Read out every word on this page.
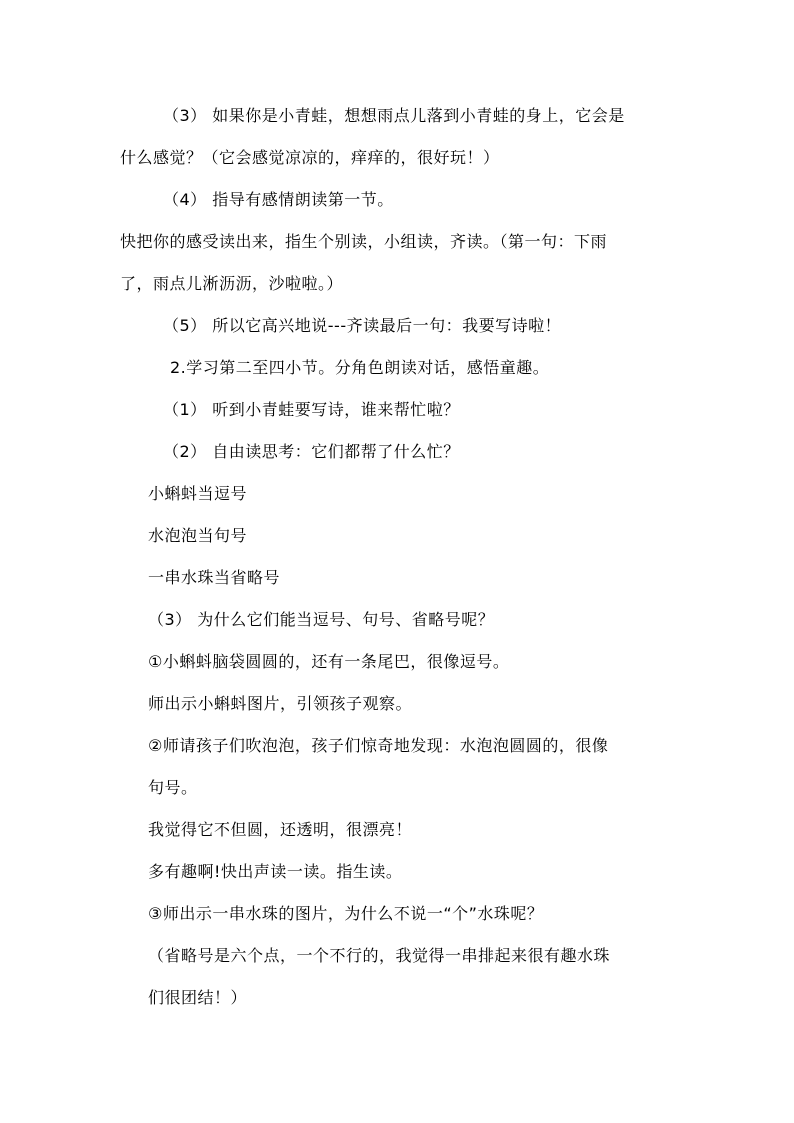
（3） 如果你是小青蛙，想想雨点儿落到小青蛙的身上，它会是
什么感觉？（它会感觉凉凉的，痒痒的，很好玩！）
（4） 指导有感情朗读第一节。
快把你的感受读出来，指生个别读，小组读，齐读。（第一句：下雨
了，雨点儿淅沥沥，沙啦啦。）
（5） 所以它高兴地说---齐读最后一句：我要写诗啦！
2.学习第二至四小节。分角色朗读对话，感悟童趣。
（1） 听到小青蛙要写诗，谁来帮忙啦？
（2） 自由读思考：它们都帮了什么忙？
小蝌蚪当逗号
水泡泡当句号
一串水珠当省略号
（3） 为什么它们能当逗号、句号、省略号呢？
①小蝌蚪脑袋圆圆的，还有一条尾巴，很像逗号。
师出示小蝌蚪图片，引领孩子观察。
②师请孩子们吹泡泡，孩子们惊奇地发现：水泡泡圆圆的，很像
句号。
我觉得它不但圆，还透明，很漂亮！
多有趣啊!快出声读一读。指生读。
③师出示一串水珠的图片，为什么不说一“个”水珠呢？
（省略号是六个点，一个不行的，我觉得一串排起来很有趣水珠
们很团结！）
